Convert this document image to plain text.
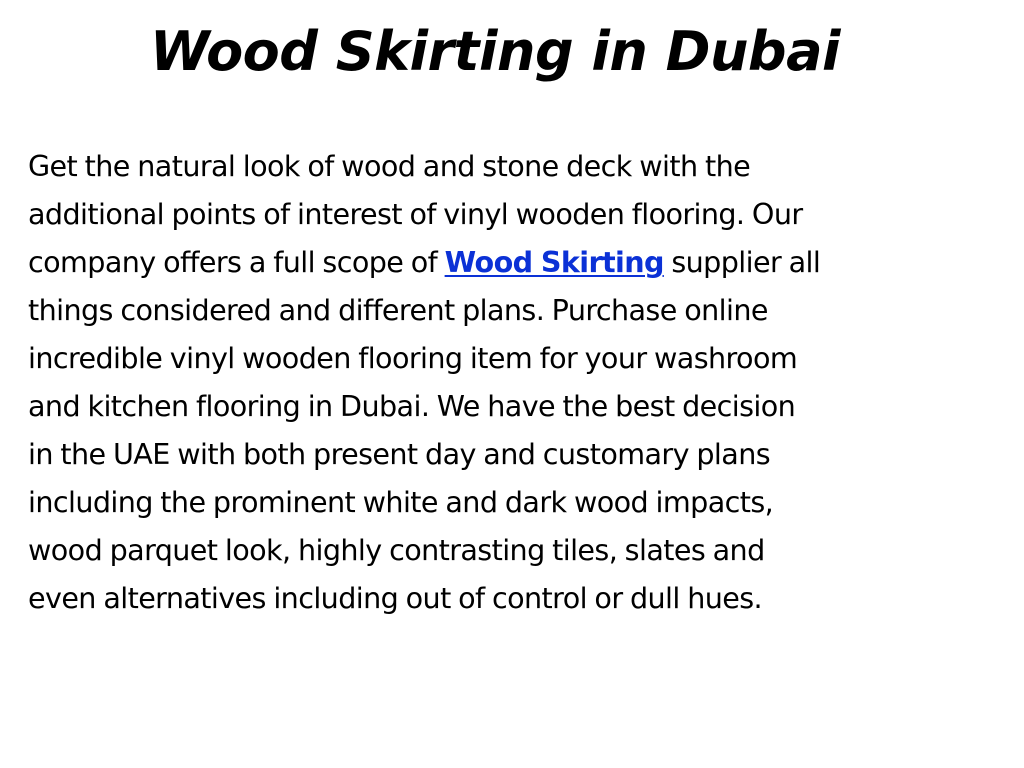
Wood Skirting in Dubai

Get the natural look of wood and stone deck with the
additional points of interest of vinyl wooden flooring. Our
company offers a full scope of Wood Skirting supplier all
things considered and different plans. Purchase online
incredible vinyl wooden flooring item for your washroom
and kitchen flooring in Dubai. We have the best decision
in the UAE with both present day and customary plans
including the prominent white and dark wood impacts,
wood parquet look, highly contrasting tiles, slates and
even alternatives including out of control or dull hues.
